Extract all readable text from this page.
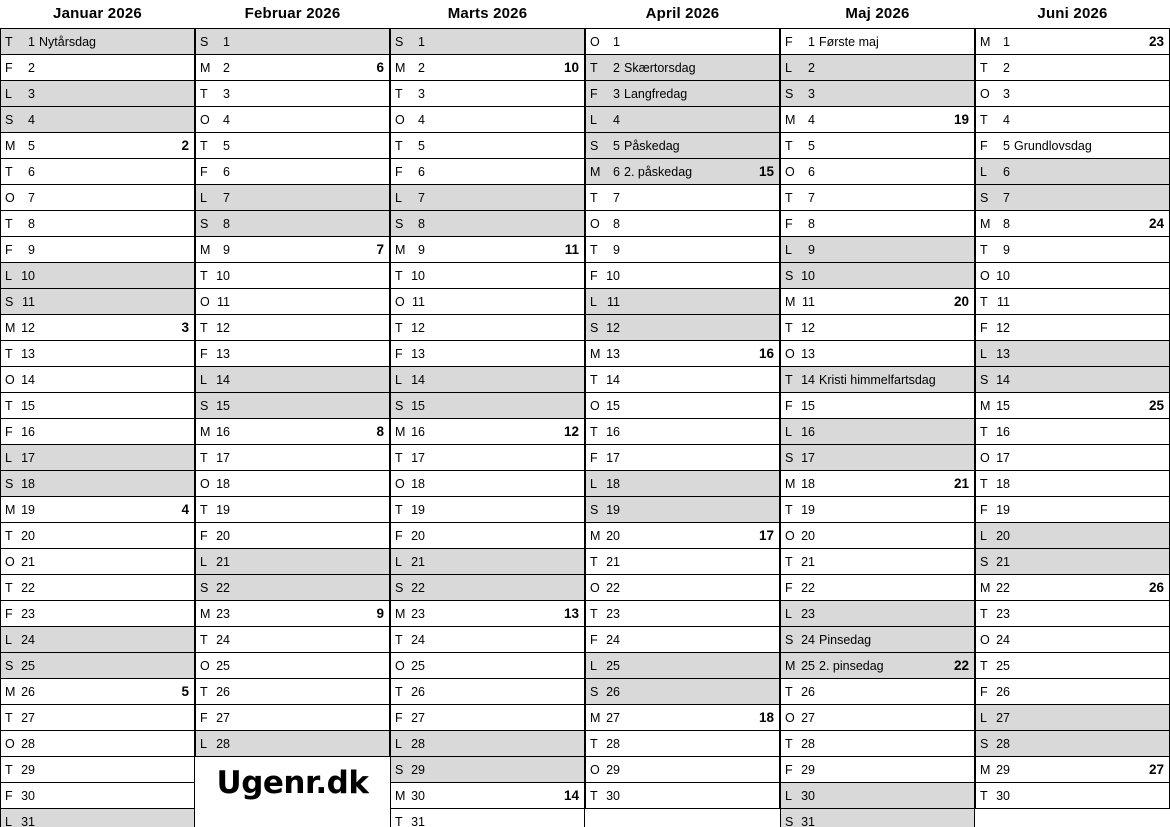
Januar 2026
T	1 Nytårsdag
F	2
L	3
S	4
M	5	2
T	6
O	7
T	8
F	9
L 10
S 11
M 12	3
T 13
O 14
T 15
F 16
L 17
S 18
M 19	4
T 20
O 21
T 22
F 23
L 24
S 25
M 26	5
T 27
O 28
T 29
F 30
L 31
Februar 2026
S	1
M	2	6
T	3
O	4
T	5
F	6
L	7
S	8
M	9	7
T 10
O 11
T 12
F 13
L 14
S 15
M 16	8
T 17
O 18
T 19
F 20
L 21
S 22
M 23	9
T 24
O 25
T 26
F 27
L 28
Ugenr.dk
Marts 2026
S	1
M	2	10
T	3
O	4
T	5
F	6
L	7
S	8
M	9	11
T 10
O 11
T 12
F 13
L 14
S 15
M 16	12
T 17
O 18
T 19
F 20
L 21
S 22
M 23	13
T 24
O 25
T 26
F 27
L 28
S 29
M 30	14
T 31
April 2026
O	1
T	2 Skærtorsdag
F	3 Langfredag
L	4
S	5 Påskedag
M	6 2. påskedag	15
T	7
O	8
T	9
F 10
L 11
S 12
M 13	16
T 14
O 15
T 16
F 17
L 18
S 19
M 20	17
T 21
O 22
T 23
F 24
L 25
S 26
M 27	18
T 28
O 29
T 30
Maj 2026
F	1 Første maj
L	2
S	3
M	4	19
T	5
O	6
T	7
F	8
L	9
S 10
M 11	20
T 12
O 13
T 14 Kristi himmelfartsdag
F 15
L 16
S 17
M 18	21
T 19
O 20
T 21
F 22
L 23
S 24 Pinsedag
M 25 2. pinsedag	22
T 26
O 27
T 28
F 29
L 30
S 31
Juni 2026
M	1	23
T	2
O	3
T	4
F	5 Grundlovsdag
L	6
S	7
M	8	24
T	9
O 10
T 11
F 12
L 13
S 14
M 15	25
T 16
O 17
T 18
F 19
L 20
S 21
M 22	26
T 23
O 24
T 25
F 26
L 27
S 28
M 29	27
T 30
